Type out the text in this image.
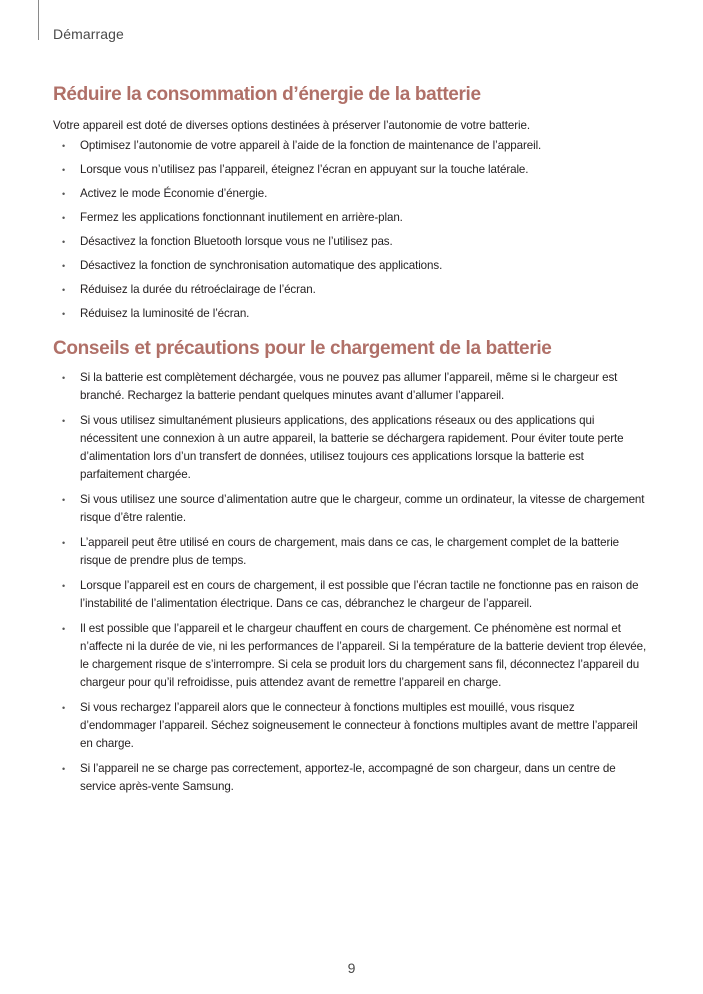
Démarrage
Réduire la consommation d’énergie de la batterie

Votre appareil est doté de diverses options destinées à préserver l’autonomie de votre batterie.

• Optimisez l’autonomie de votre appareil à l’aide de la fonction de maintenance de l’appareil.
• Lorsque vous n’utilisez pas l’appareil, éteignez l’écran en appuyant sur la touche latérale.
• Activez le mode Économie d’énergie.
• Fermez les applications fonctionnant inutilement en arrière-plan.
• Désactivez la fonction Bluetooth lorsque vous ne l’utilisez pas.
• Désactivez la fonction de synchronisation automatique des applications.
• Réduisez la durée du rétroéclairage de l’écran.
• Réduisez la luminosité de l’écran.
Conseils et précautions pour le chargement de la batterie
• Si la batterie est complètement déchargée, vous ne pouvez pas allumer l’appareil, même si le chargeur est branché. Rechargez la batterie pendant quelques minutes avant d’allumer l’appareil.
• Si vous utilisez simultanément plusieurs applications, des applications réseaux ou des applications qui nécessitent une connexion à un autre appareil, la batterie se déchargera rapidement. Pour éviter toute perte d’alimentation lors d’un transfert de données, utilisez toujours ces applications lorsque la batterie est parfaitement chargée.
• Si vous utilisez une source d’alimentation autre que le chargeur, comme un ordinateur, la vitesse de chargement risque d’être ralentie.
• L’appareil peut être utilisé en cours de chargement, mais dans ce cas, le chargement complet de la batterie risque de prendre plus de temps.
• Lorsque l’appareil est en cours de chargement, il est possible que l’écran tactile ne fonctionne pas en raison de l’instabilité de l’alimentation électrique. Dans ce cas, débranchez le chargeur de l’appareil.
• Il est possible que l’appareil et le chargeur chauffent en cours de chargement. Ce phénomène est normal et n’affecte ni la durée de vie, ni les performances de l’appareil. Si la température de la batterie devient trop élevée, le chargement risque de s’interrompre. Si cela se produit lors du chargement sans fil, déconnectez l’appareil du chargeur pour qu’il refroidisse, puis attendez avant de remettre l’appareil en charge.
• Si vous rechargez l’appareil alors que le connecteur à fonctions multiples est mouillé, vous risquez d’endommager l’appareil. Séchez soigneusement le connecteur à fonctions multiples avant de mettre l’appareil en charge.
• Si l’appareil ne se charge pas correctement, apportez-le, accompagné de son chargeur, dans un centre de service après-vente Samsung.
9
